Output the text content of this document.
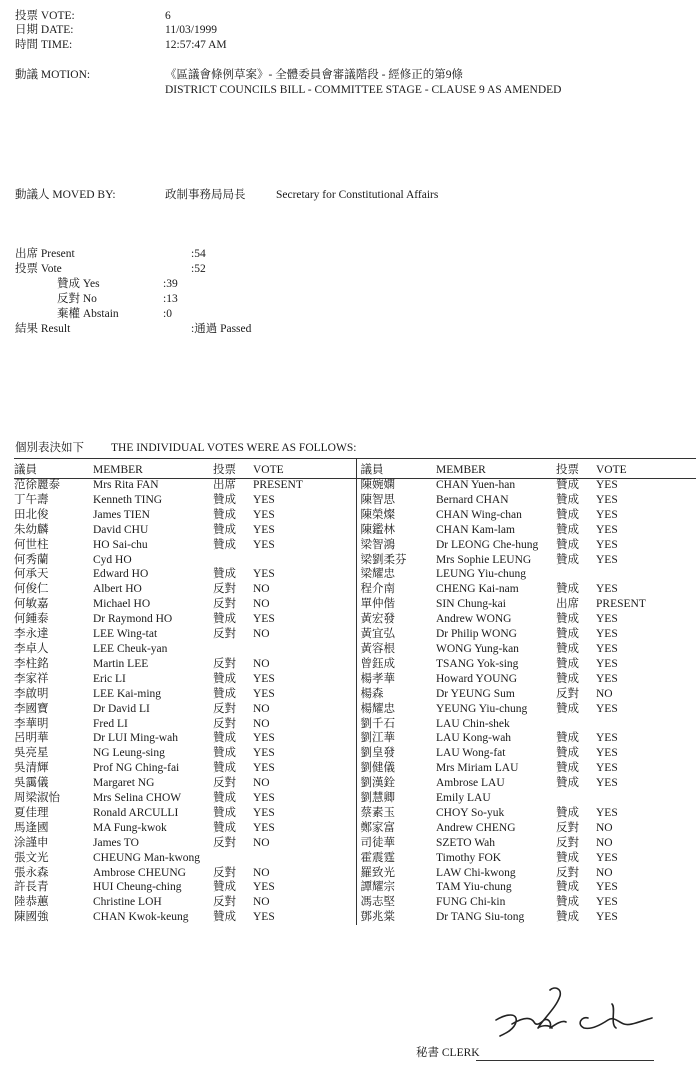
投票 VOTE:	6
日期 DATE:	11/03/1999
時間 TIME:	12:57:47 AM
動議 MOTION:	《區議會條例草案》- 全體委員會審議階段 - 經修正的第9條
DISTRICT COUNCILS BILL - COMMITTEE STAGE - CLAUSE 9 AS AMENDED
動議人 MOVED BY:	政制事務局局長	Secretary for Constitutional Affairs
出席 Present	:54
投票 Vote	:52
贊成 Yes	:39
反對 No	:13
棄權 Abstain	:0
結果 Result	:通過 Passed
個別表決如下 THE INDIVIDUAL VOTES WERE AS FOLLOWS:
議員	MEMBER	投票	VOTE	議員	MEMBER	投票	VOTE
范徐麗泰	Mrs Rita FAN	出席	PRESENT	陳婉嫻	CHAN Yuen-han	贊成	YES
丁午壽	Kenneth TING	贊成	YES	陳智思	Bernard CHAN	贊成	YES
田北俊	James TIEN	贊成	YES	陳榮燦	CHAN Wing-chan	贊成	YES
朱幼麟	David CHU	贊成	YES	陳鑑林	CHAN Kam-lam	贊成	YES
何世柱	HO Sai-chu	贊成	YES	梁智鴻	Dr LEONG Che-hung	贊成	YES
何秀蘭	Cyd HO			梁劉柔芬	Mrs Sophie LEUNG	贊成	YES
何承天	Edward HO	贊成	YES	梁耀忠	LEUNG Yiu-chung		
何俊仁	Albert HO	反對	NO	程介南	CHENG Kai-nam	贊成	YES
何敏嘉	Michael HO	反對	NO	單仲偕	SIN Chung-kai	出席	PRESENT
何鍾泰	Dr Raymond HO	贊成	YES	黃宏發	Andrew WONG	贊成	YES
李永達	LEE Wing-tat	反對	NO	黃宜弘	Dr Philip WONG	贊成	YES
李卓人	LEE Cheuk-yan			黃容根	WONG Yung-kan	贊成	YES
李柱銘	Martin LEE	反對	NO	曾鈺成	TSANG Yok-sing	贊成	YES
李家祥	Eric LI	贊成	YES	楊孝華	Howard YOUNG	贊成	YES
李啟明	LEE Kai-ming	贊成	YES	楊森	Dr YEUNG Sum	反對	NO
李國寶	Dr David LI	反對	NO	楊耀忠	YEUNG Yiu-chung	贊成	YES
李華明	Fred LI	反對	NO	劉千石	LAU Chin-shek		
呂明華	Dr LUI Ming-wah	贊成	YES	劉江華	LAU Kong-wah	贊成	YES
吳亮星	NG Leung-sing	贊成	YES	劉皇發	LAU Wong-fat	贊成	YES
吳清輝	Prof NG Ching-fai	贊成	YES	劉健儀	Mrs Miriam LAU	贊成	YES
吳靄儀	Margaret NG	反對	NO	劉漢銓	Ambrose LAU	贊成	YES
周梁淑怡	Mrs Selina CHOW	贊成	YES	劉慧卿	Emily LAU		
夏佳理	Ronald ARCULLI	贊成	YES	蔡素玉	CHOY So-yuk	贊成	YES
馬逢國	MA Fung-kwok	贊成	YES	鄭家富	Andrew CHENG	反對	NO
涂謹申	James TO	反對	NO	司徒華	SZETO Wah	反對	NO
張文光	CHEUNG Man-kwong			霍震霆	Timothy FOK	贊成	YES
張永森	Ambrose CHEUNG	反對	NO	羅致光	LAW Chi-kwong	反對	NO
許長青	HUI Cheung-ching	贊成	YES	譚耀宗	TAM Yiu-chung	贊成	YES
陸恭蕙	Christine LOH	反對	NO	馮志堅	FUNG Chi-kin	贊成	YES
陳國強	CHAN Kwok-keung	贊成	YES	鄧兆棠	Dr TANG Siu-tong	贊成	YES
秘書 CLERK
